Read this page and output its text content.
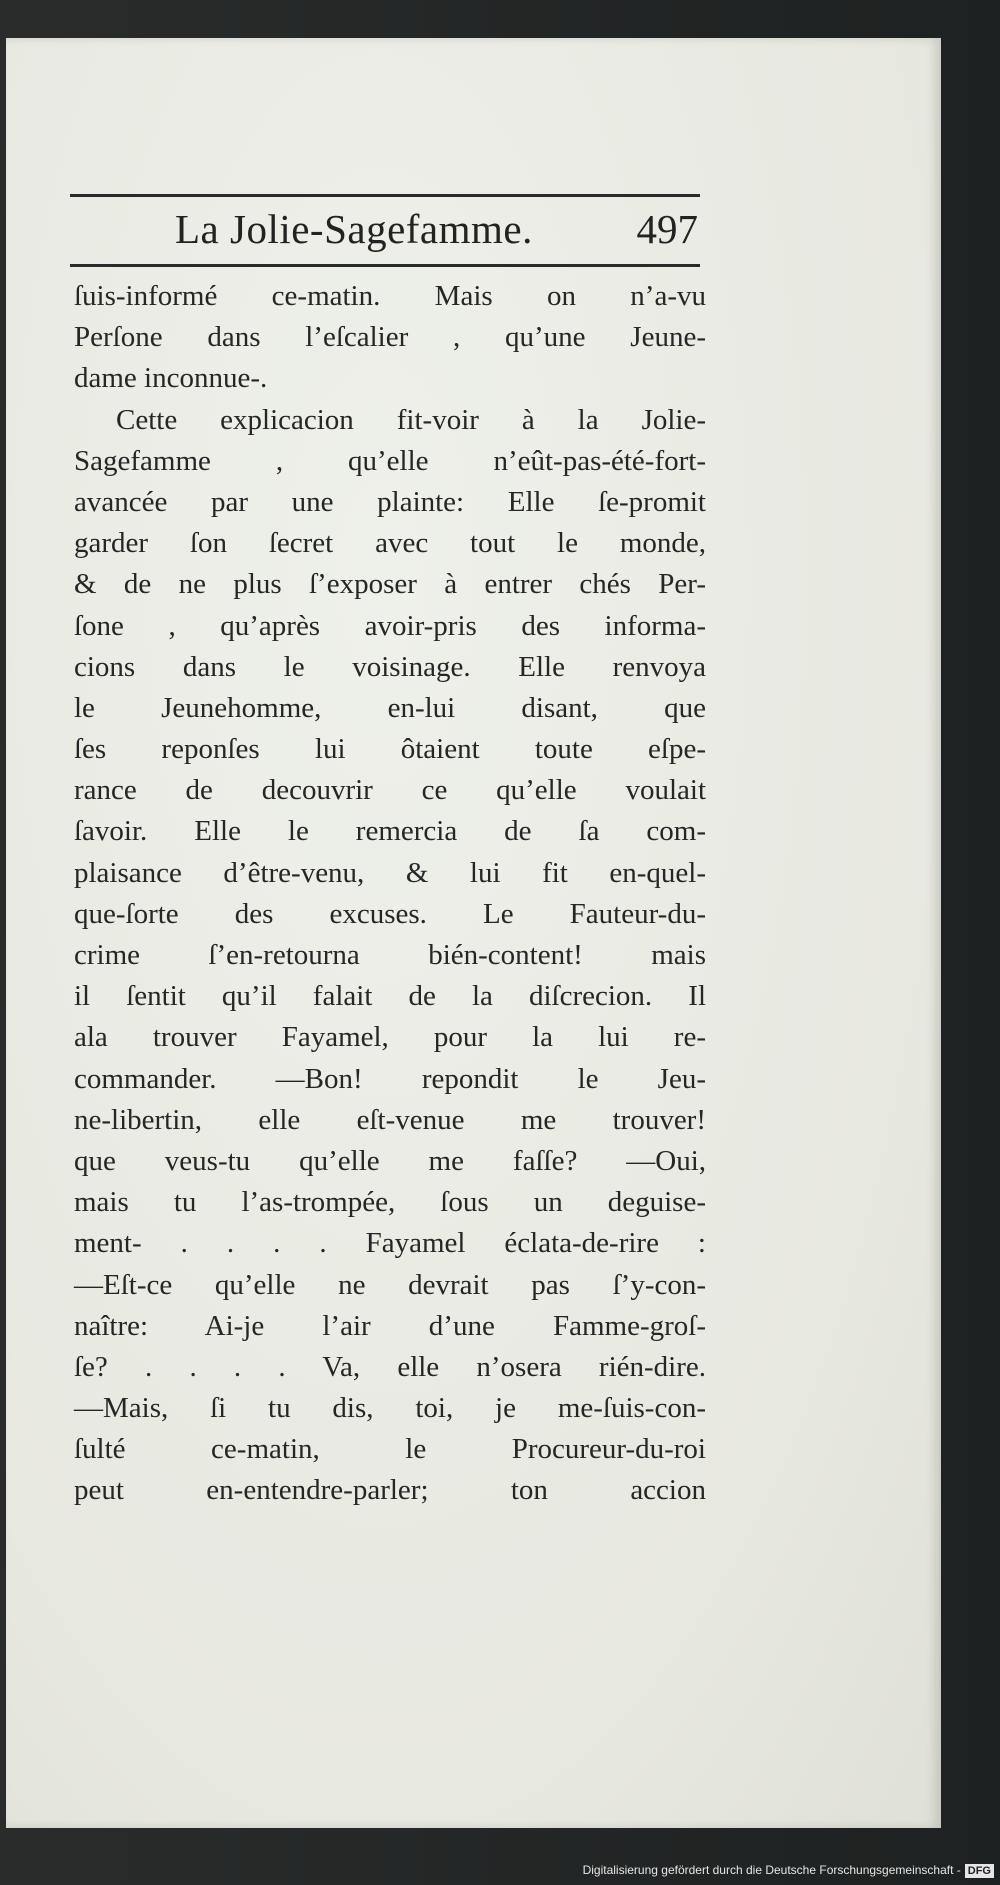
La Jolie-Sagefamme.	497
ſuis-informé ce-matin. Mais on n’a-vu
Perſone dans l’eſcalier , qu’une Jeune-
dame inconnue-.
Cette explicacion fit-voir à la Jolie-
Sagefamme , qu’elle n’eût-pas-été-fort-
avancée par une plainte: Elle ſe-promit
garder ſon ſecret avec tout le monde,
& de ne plus ſ’exposer à entrer chés Per-
ſone , qu’après avoir-pris des informa-
cions dans le voisinage. Elle renvoya
le Jeunehomme, en-lui disant, que
ſes reponſes lui ôtaient toute eſpe-
rance de decouvrir ce qu’elle voulait
ſavoir. Elle le remercia de ſa com-
plaisance d’être-venu, & lui fit en-quel-
que-ſorte des excuses. Le Fauteur-du-
crime ſ’en-retourna bién-content! mais
il ſentit qu’il falait de la diſcrecion. Il
ala trouver Fayamel, pour la lui re-
commander. —Bon! repondit le Jeu-
ne-libertin, elle eſt-venue me trouver!
que veus-tu qu’elle me faſſe? —Oui,
mais tu l’as-trompée, ſous un deguise-
ment- . . . . Fayamel éclata-de-rire :
—Eſt-ce qu’elle ne devrait pas ſ’y-con-
naître: Ai-je l’air d’une Famme-groſ-
ſe? . . . . Va, elle n’osera rién-dire.
—Mais, ſi tu dis, toi, je me-ſuis-con-
ſulté ce-matin, le Procureur-du-roi
peut en-entendre-parler; ton accion
Digitalisierung gefördert durch die Deutsche Forschungsgemeinschaft - DFG
